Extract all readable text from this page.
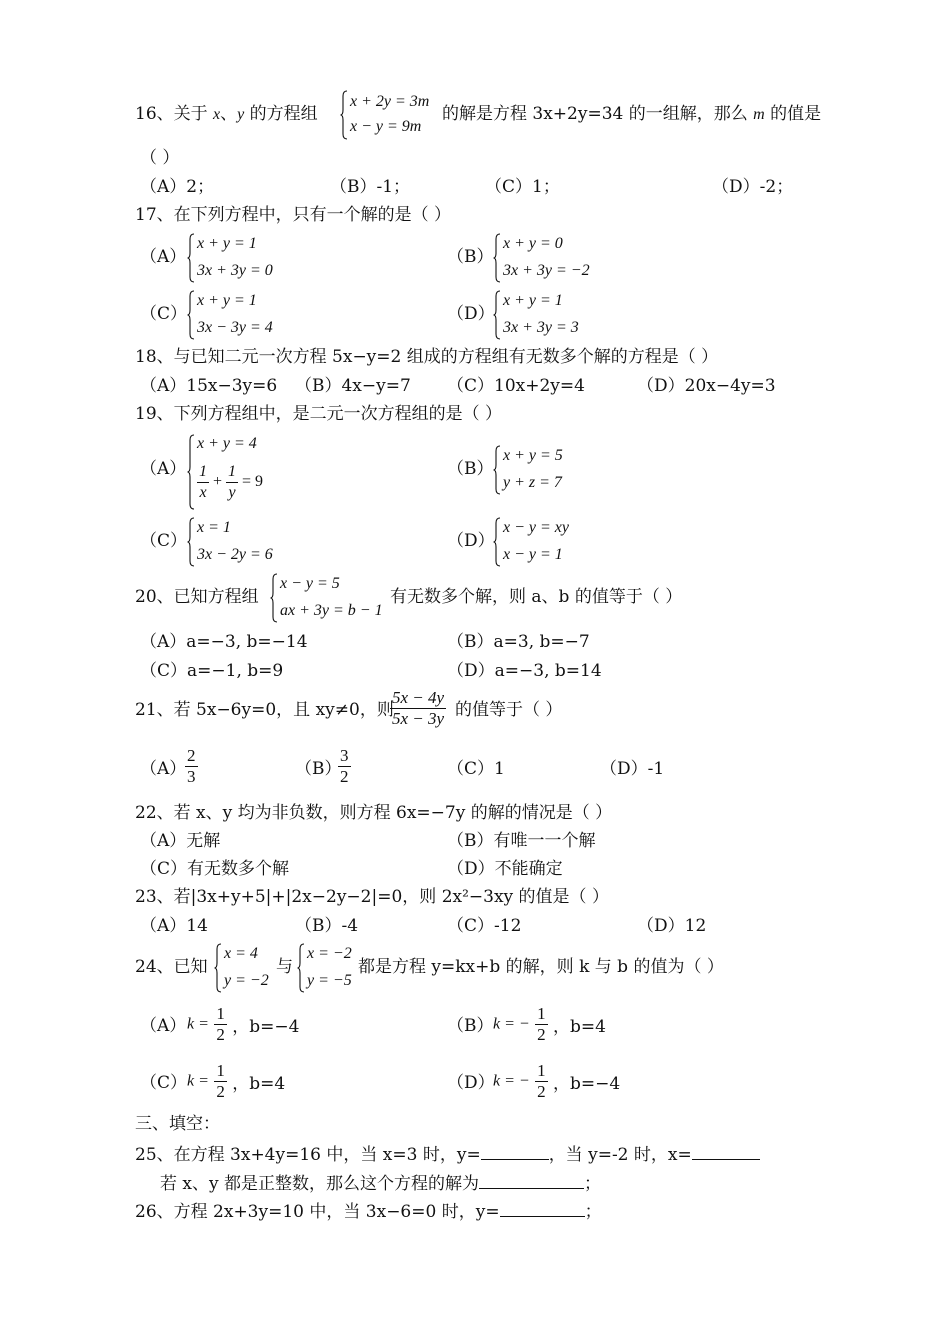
16、关于 x、y 的方程组
x + 2y = 3m
x − y = 9m
的解是方程 3x+2y=34 的一组解，那么 m 的值是
（ ）
（A）2；	（B）-1；	（C）1；	（D）-2；
17、在下列方程中，只有一个解的是（ ）
（A）
x + y = 1
3x + 3y = 0
（B）
x + y = 0
3x + 3y = −2
（C）
x + y = 1
3x − 3y = 4
（D）
x + y = 1
3x + 3y = 3
18、与已知二元一次方程 5x−y=2 组成的方程组有无数多个解的方程是（ ）
（A）15x−3y=6 （B）4x−y=7 （C）10x+2y=4	（D）20x−4y=3
19、下列方程组中，是二元一次方程组的是（ ）
（A）
x + y = 4
$\frac{1}{x} + \frac{1}{y} = 9$
（B）
x + y = 5
y + z = 7
（C）
x = 1
3x − 2y = 6
（D）
x − y = xy
x − y = 1
20、已知方程组
x − y = 5
ax + 3y = b − 1
有无数多个解，则 a、b 的值等于（ ）
（A）a=−3, b=−14	（B）a=3, b=−7
（C）a=−1, b=9	（D）a=−3, b=14
21、若 5x−6y=0，且 xy≠0，则
$\frac{5x - 4y}{5x - 3y}$ 的值等于（ ）
（A）
$\frac{2}{3}$	（B）
$\frac{3}{2}$	（C）1	（D）-1
22、若 x、y 均为非负数，则方程 6x=−7y 的解的情况是（ ）
（A）无解	（B）有唯一一个解
（C）有无数多个解	（D）不能确定
23、若|3x+y+5|+|2x−2y−2|=0，则 2x²−3xy 的值是（ ）
（A）14	（B）-4	（C）-12	（D）12
24、已知
x = 4
y = −2
与
x = −2
y = −5
都是方程 y=kx+b 的解，则 k 与 b 的值为（ ）
（A） $k = \frac{1}{2}$ ，b=−4	（B） k = − $\frac{1}{2}$ ，b=4
（C） $k = \frac{1}{2}$ ，b=4	（D）
k = − $\frac{1}{2}$ ，b=−4
三、填空：
25、在方程 3x+4y=16 中，当 x=3 时，y=	，当 y=-2 时，x=
若 x、y 都是正整数，那么这个方程的解为	；
26、方程 2x+3y=10 中，当 3x−6=0 时，y=	；
